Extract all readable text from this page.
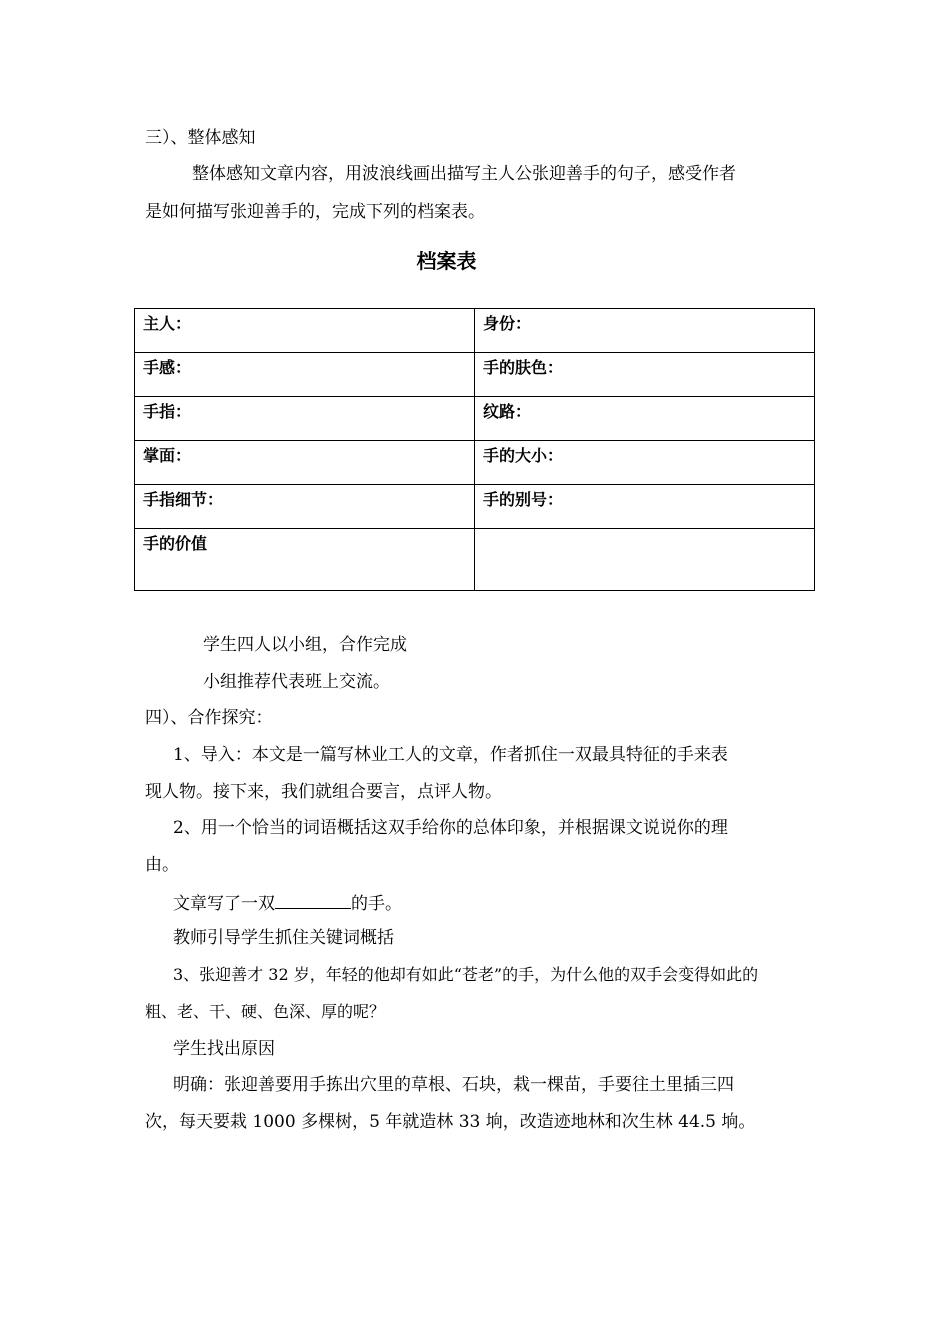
三）、整体感知
整体感知文章内容，用波浪线画出描写主人公张迎善手的句子，感受作者
是如何描写张迎善手的，完成下列的档案表。
档案表
主人：	身份：
手感：	手的肤色：
手指：	纹路：
掌面：	手的大小：
手指细节：	手的别号：
手的价值	
学生四人以小组，合作完成
小组推荐代表班上交流。
四）、合作探究：
1、导入：本文是一篇写林业工人的文章，作者抓住一双最具特征的手来表
现人物。接下来，我们就组合要言，点评人物。
2、用一个恰当的词语概括这双手给你的总体印象，并根据课文说说你的理
由。
文章写了一双	的手。
教师引导学生抓住关键词概括
3、张迎善才 32 岁，年轻的他却有如此“苍老”的手，为什么他的双手会变得如此的
粗、老、干、硬、色深、厚的呢？
学生找出原因
明确：张迎善要用手拣出穴里的草根、石块，栽一棵苗，手要往土里插三四
次，每天要栽 1000 多棵树，5 年就造林 33 垧，改造迹地林和次生林 44.5 垧。
